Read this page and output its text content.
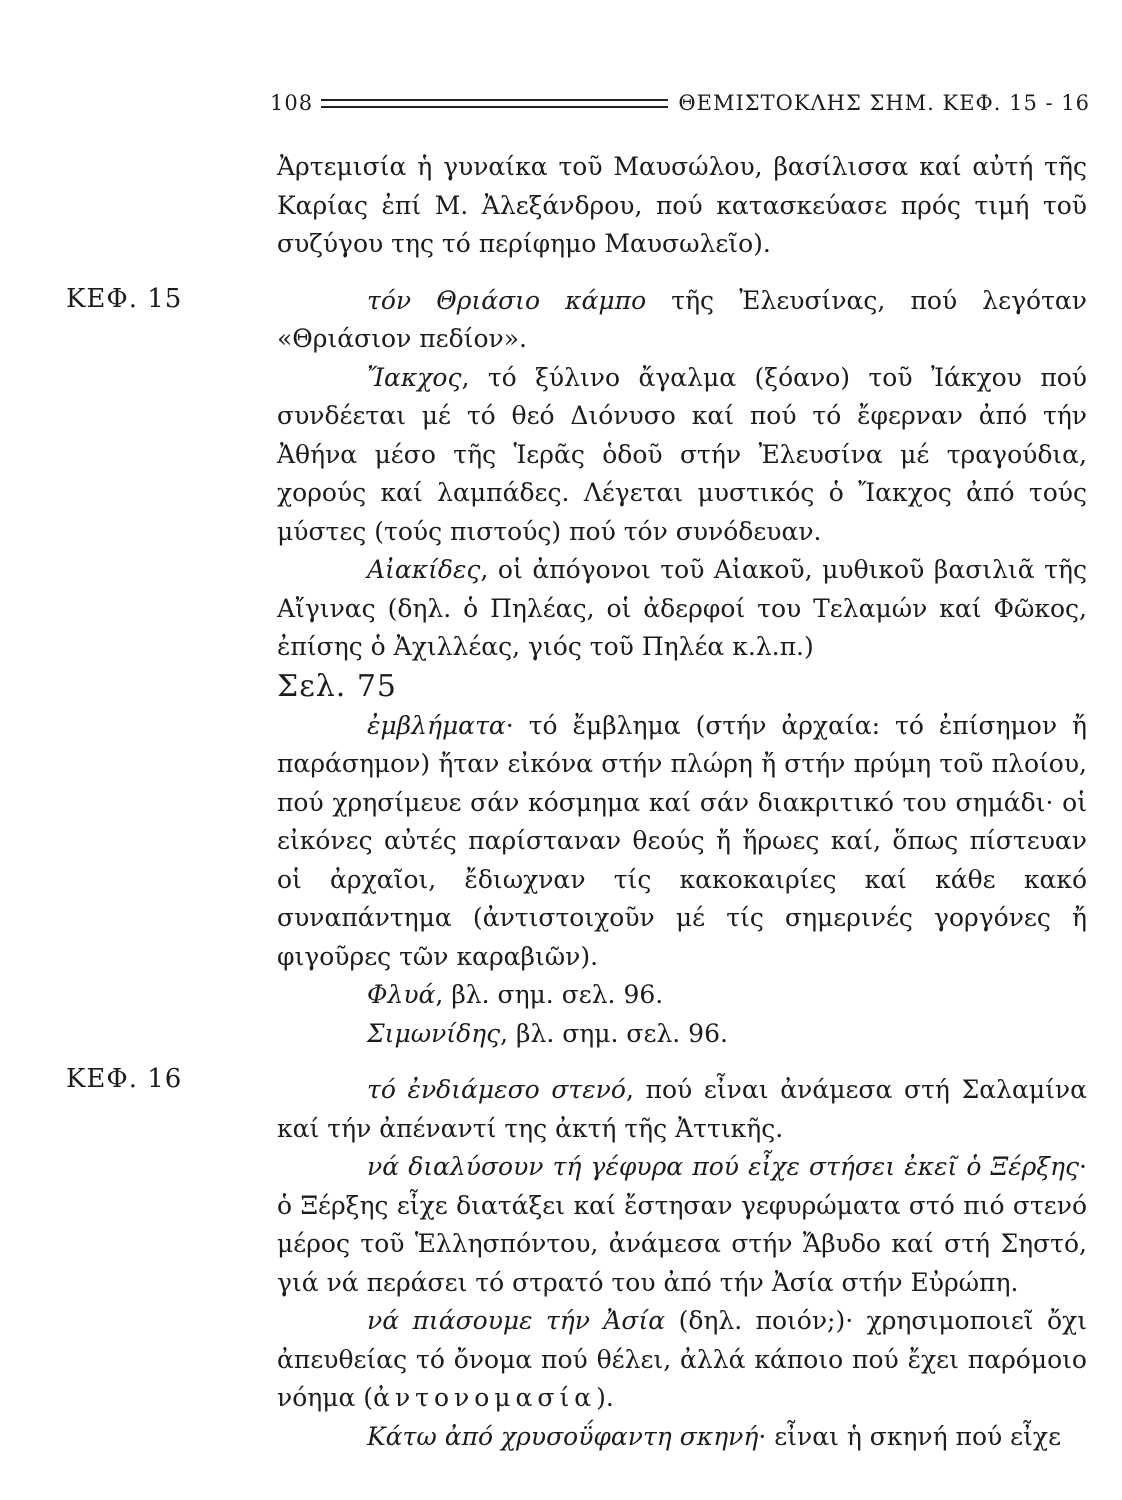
108	ΘΕΜΙΣΤΟΚΛΗΣ ΣΗΜ. ΚΕΦ. 15 - 16
ΚΕΦ. 15
ΚΕΦ. 16

Ἀρτεμισία ἡ γυναίκα τοῦ Μαυσώλου, βασίλισσα καί αὐτή τῆς Καρίας ἐπί Μ. Ἀλεξάνδρου, πού κατασκεύασε πρός τιμή τοῦ συζύγου της τό περίφημο Μαυσωλεῖο).

τόν Θριάσιο κάμπο τῆς Ἐλευσίνας, πού λεγόταν «Θριάσιον πεδίον».

Ἴακχος, τό ξύλινο ἄγαλμα (ξόανο) τοῦ Ἰάκχου πού συνδέεται μέ τό θεό Διόνυσο καί πού τό ἔφερναν ἀπό τήν Ἀθήνα μέσο τῆς Ἱερᾶς ὁδοῦ στήν Ἐλευσίνα μέ τραγούδια, χορούς καί λαμπάδες. Λέγεται μυστικός ὁ Ἴακχος ἀπό τούς μύστες (τούς πιστούς) πού τόν συνόδευαν.

Αἰακίδες, οἱ ἀπόγονοι τοῦ Αἰακοῦ, μυθικοῦ βασιλιᾶ τῆς Αἴγινας (δηλ. ὁ Πηλέας, οἱ ἀδερφοί του Τελαμών καί Φῶκος, ἐπίσης ὁ Ἀχιλλέας, γιός τοῦ Πηλέα κ.λ.π.)

Σελ. 75

ἐμβλήματα· τό ἔμβλημα (στήν ἀρχαία: τό ἐπίσημον ἤ παράσημον) ἤταν εἰκόνα στήν πλώρη ἤ στήν πρύμη τοῦ πλοίου, πού χρησίμευε σάν κόσμημα καί σάν διακριτικό του σημάδι· οἱ εἰκόνες αὐτές παρίσταναν θεούς ἤ ἥρωες καί, ὅπως πίστευαν οἱ ἀρχαῖοι, ἔδιωχναν τίς κακοκαιρίες καί κάθε κακό συναπάντημα (ἀντιστοιχοῦν μέ τίς σημερινές γοργόνες ἤ φιγοῦρες τῶν καραβιῶν).

Φλυά, βλ. σημ. σελ. 96.

Σιμωνίδης, βλ. σημ. σελ. 96.

τό ἐνδιάμεσο στενό, πού εἶναι ἀνάμεσα στή Σαλαμίνα καί τήν ἀπέναντί της ἀκτή τῆς Ἀττικῆς.

νά διαλύσουν τή γέφυρα πού εἶχε στήσει ἐκεῖ ὁ Ξέρξης· ὁ Ξέρξης εἶχε διατάξει καί ἔστησαν γεφυρώματα στό πιό στενό μέρος τοῦ Ἑλλησπόντου, ἀνάμεσα στήν Ἄβυδο καί στή Σηστό, γιά νά περάσει τό στρατό του ἀπό τήν Ἀσία στήν Εὐρώπη.

νά πιάσουμε τήν Ἀσία (δηλ. ποιόν;)· χρησιμοποιεῖ ὄχι ἀπευθείας τό ὄνομα πού θέλει, ἀλλά κάποιο πού ἔχει παρόμοιο νόημα (ἀντονομασία).

Κάτω ἀπό χρυσοΰφαντη σκηνή· εἶναι ἡ σκηνή πού εἶχε
